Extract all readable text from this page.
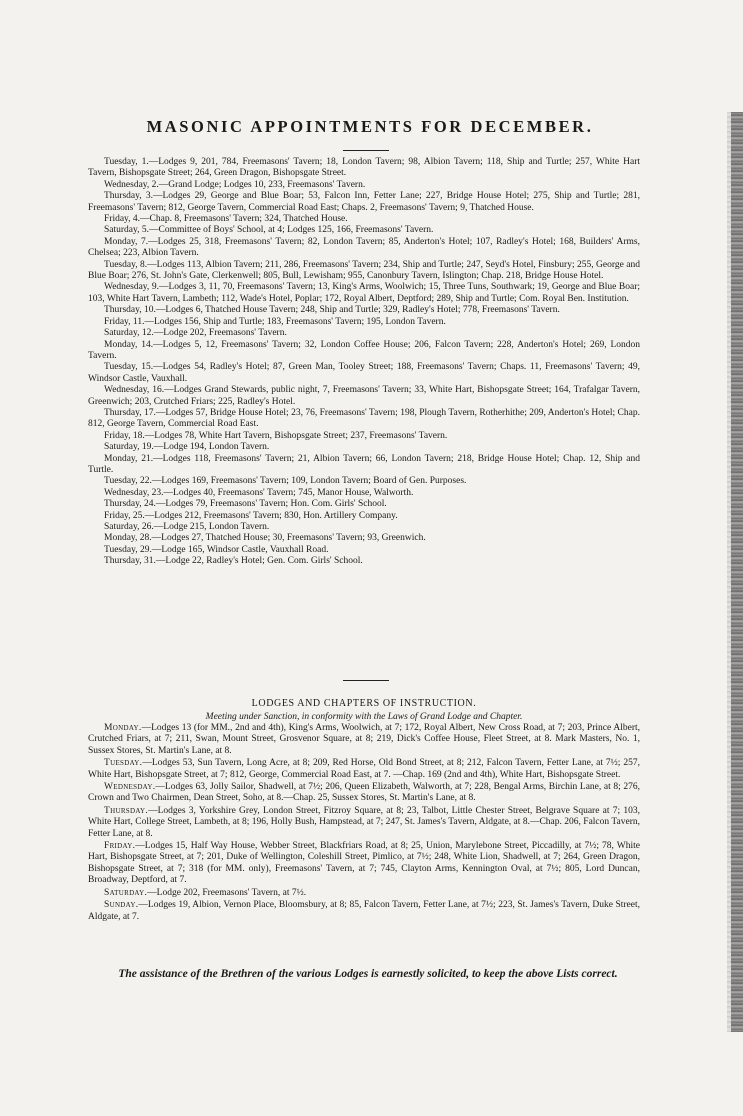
MASONIC APPOINTMENTS FOR DECEMBER.

Tuesday, 1.—Lodges 9, 201, 784, Freemasons' Tavern; 18, London Tavern; 98, Albion Tavern; 118, Ship and Turtle; 257, White Hart Tavern, Bishopsgate Street; 264, Green Dragon, Bishopsgate Street.

Wednesday, 2.—Grand Lodge; Lodges 10, 233, Freemasons' Tavern.

Thursday, 3.—Lodges 29, George and Blue Boar; 53, Falcon Inn, Fetter Lane; 227, Bridge House Hotel; 275, Ship and Turtle; 281, Freemasons' Tavern; 812, George Tavern, Commercial Road East; Chaps. 2, Freemasons' Tavern; 9, Thatched House.

Friday, 4.—Chap. 8, Freemasons' Tavern; 324, Thatched House.

Saturday, 5.—Committee of Boys' School, at 4; Lodges 125, 166, Freemasons' Tavern.

Monday, 7.—Lodges 25, 318, Freemasons' Tavern; 82, London Tavern; 85, Anderton's Hotel; 107, Radley's Hotel; 168, Builders' Arms, Chelsea; 223, Albion Tavern.

Tuesday, 8.—Lodges 113, Albion Tavern; 211, 286, Freemasons' Tavern; 234, Ship and Turtle; 247, Seyd's Hotel, Finsbury; 255, George and Blue Boar; 276, St. John's Gate, Clerkenwell; 805, Bull, Lewisham; 955, Canonbury Tavern, Islington; Chap. 218, Bridge House Hotel.

Wednesday, 9.—Lodges 3, 11, 70, Freemasons' Tavern; 13, King's Arms, Woolwich; 15, Three Tuns, Southwark; 19, George and Blue Boar; 103, White Hart Tavern, Lambeth; 112, Wade's Hotel, Poplar; 172, Royal Albert, Deptford; 289, Ship and Turtle; Com. Royal Ben. Institution.

Thursday, 10.—Lodges 6, Thatched House Tavern; 248, Ship and Turtle; 329, Radley's Hotel; 778, Freemasons' Tavern.

Friday, 11.—Lodges 156, Ship and Turtle; 183, Freemasons' Tavern; 195, London Tavern.

Saturday, 12.—Lodge 202, Freemasons' Tavern.

Monday, 14.—Lodges 5, 12, Freemasons' Tavern; 32, London Coffee House; 206, Falcon Tavern; 228, Anderton's Hotel; 269, London Tavern.

Tuesday, 15.—Lodges 54, Radley's Hotel; 87, Green Man, Tooley Street; 188, Freemasons' Tavern; Chaps. 11, Freemasons' Tavern; 49, Windsor Castle, Vauxhall.

Wednesday, 16.—Lodges Grand Stewards, public night, 7, Freemasons' Tavern; 33, White Hart, Bishopsgate Street; 164, Trafalgar Tavern, Greenwich; 203, Crutched Friars; 225, Radley's Hotel.

Thursday, 17.—Lodges 57, Bridge House Hotel; 23, 76, Freemasons' Tavern; 198, Plough Tavern, Rotherhithe; 209, Anderton's Hotel; Chap. 812, George Tavern, Commercial Road East.

Friday, 18.—Lodges 78, White Hart Tavern, Bishopsgate Street; 237, Freemasons' Tavern.

Saturday, 19.—Lodge 194, London Tavern.

Monday, 21.—Lodges 118, Freemasons' Tavern; 21, Albion Tavern; 66, London Tavern; 218, Bridge House Hotel; Chap. 12, Ship and Turtle.

Tuesday, 22.—Lodges 169, Freemasons' Tavern; 109, London Tavern; Board of Gen. Purposes.

Wednesday, 23.—Lodges 40, Freemasons' Tavern; 745, Manor House, Walworth.

Thursday, 24.—Lodges 79, Freemasons' Tavern; Hon. Com. Girls' School.

Friday, 25.—Lodges 212, Freemasons' Tavern; 830, Hon. Artillery Company.

Saturday, 26.—Lodge 215, London Tavern.

Monday, 28.—Lodges 27, Thatched House; 30, Freemasons' Tavern; 93, Greenwich.

Tuesday, 29.—Lodge 165, Windsor Castle, Vauxhall Road.

Thursday, 31.—Lodge 22, Radley's Hotel; Gen. Com. Girls' School.

LODGES AND CHAPTERS OF INSTRUCTION.
Meeting under Sanction, in conformity with the Laws of Grand Lodge and Chapter.

Monday.—Lodges 13 (for MM., 2nd and 4th), King's Arms, Woolwich, at 7; 172, Royal Albert, New Cross Road, at 7; 203, Prince Albert, Crutched Friars, at 7; 211, Swan, Mount Street, Grosvenor Square, at 8; 219, Dick's Coffee House, Fleet Street, at 8. Mark Masters, No. 1, Sussex Stores, St. Martin's Lane, at 8.

Tuesday.—Lodges 53, Sun Tavern, Long Acre, at 8; 209, Red Horse, Old Bond Street, at 8; 212, Falcon Tavern, Fetter Lane, at 7½; 257, White Hart, Bishopsgate Street, at 7; 812, George, Commercial Road East, at 7. —Chap. 169 (2nd and 4th), White Hart, Bishopsgate Street.

Wednesday.—Lodges 63, Jolly Sailor, Shadwell, at 7½; 206, Queen Elizabeth, Walworth, at 7; 228, Bengal Arms, Birchin Lane, at 8; 276, Crown and Two Chairmen, Dean Street, Soho, at 8.—Chap. 25, Sussex Stores, St. Martin's Lane, at 8.

Thursday.—Lodges 3, Yorkshire Grey, London Street, Fitzroy Square, at 8; 23, Talbot, Little Chester Street, Belgrave Square at 7; 103, White Hart, College Street, Lambeth, at 8; 196, Holly Bush, Hampstead, at 7; 247, St. James's Tavern, Aldgate, at 8.—Chap. 206, Falcon Tavern, Fetter Lane, at 8.

Friday.—Lodges 15, Half Way House, Webber Street, Blackfriars Road, at 8; 25, Union, Marylebone Street, Piccadilly, at 7½; 78, White Hart, Bishopsgate Street, at 7; 201, Duke of Wellington, Coleshill Street, Pimlico, at 7½; 248, White Lion, Shadwell, at 7; 264, Green Dragon, Bishopsgate Street, at 7; 318 (for MM. only), Freemasons' Tavern, at 7; 745, Clayton Arms, Kennington Oval, at 7½; 805, Lord Duncan, Broadway, Deptford, at 7.

Saturday.—Lodge 202, Freemasons' Tavern, at 7½.

Sunday.—Lodges 19, Albion, Vernon Place, Bloomsbury, at 8; 85, Falcon Tavern, Fetter Lane, at 7½; 223, St. James's Tavern, Duke Street, Aldgate, at 7.

The assistance of the Brethren of the various Lodges is earnestly solicited, to keep the above Lists correct.
